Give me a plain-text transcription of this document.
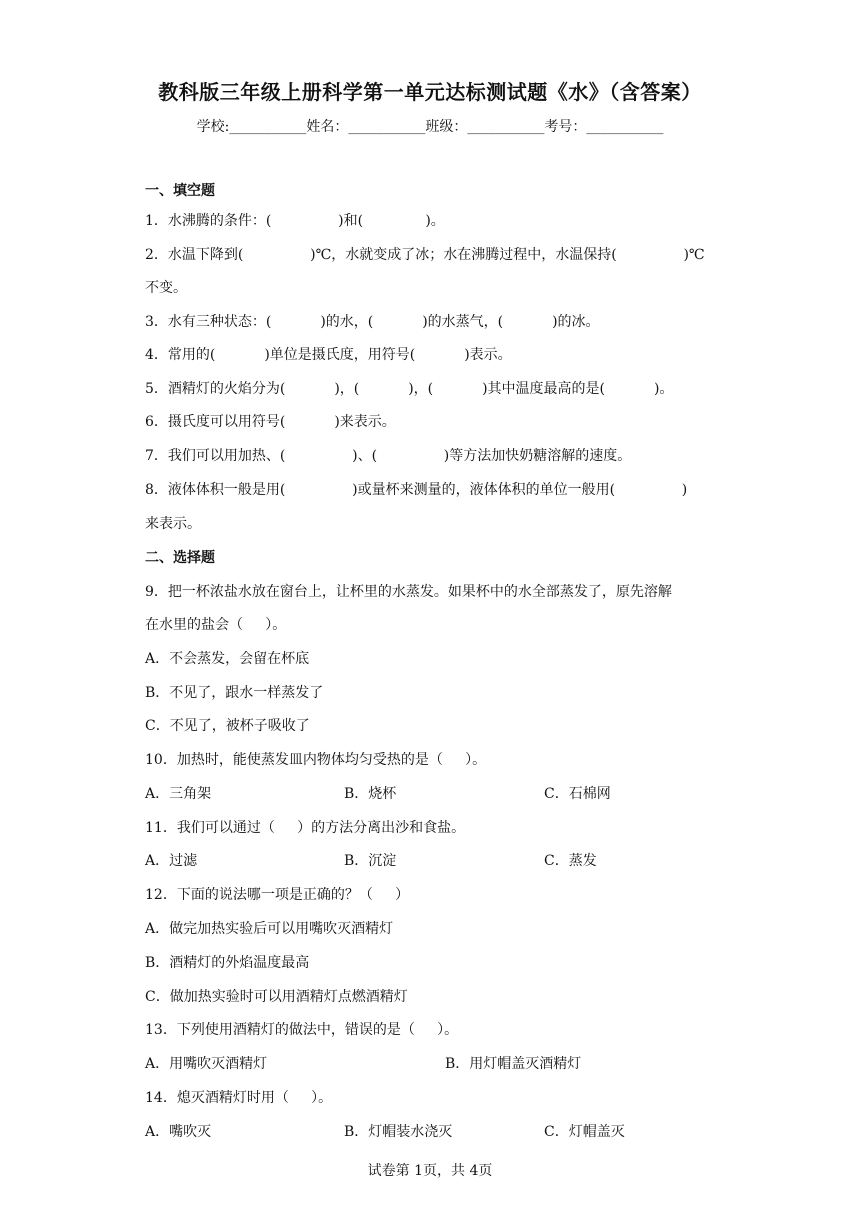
教科版三年级上册科学第一单元达标测试题《水》（含答案）
学校:___________姓名：___________班级：___________考号：___________
一、填空题
1．水沸腾的条件：(               )和(              )。
2．水温下降到(               )℃，水就变成了冰；水在沸腾过程中，水温保持(               )℃
不变。
3．水有三种状态：(           )的水，(           )的水蒸气，(           )的冰。
4．常用的(           )单位是摄氏度，用符号(           )表示。
5．酒精灯的火焰分为(           )，(           )，(           )其中温度最高的是(           )。
6．摄氏度可以用符号(           )来表示。
7．我们可以用加热、(               )、(               )等方法加快奶糖溶解的速度。
8．液体体积一般是用(               )或量杯来测量的，液体体积的单位一般用(               )
来表示。
二、选择题
9．把一杯浓盐水放在窗台上，让杯里的水蒸发。如果杯中的水全部蒸发了，原先溶解
在水里的盐会（     ）。
A．不会蒸发，会留在杯底
B．不见了，跟水一样蒸发了
C．不见了，被杯子吸收了
10．加热时，能使蒸发皿内物体均匀受热的是（     ）。
A．三角架	B．烧杯	C．石棉网
11．我们可以通过（     ）的方法分离出沙和食盐。
A．过滤	B．沉淀	C．蒸发
12．下面的说法哪一项是正确的？（     ）
A．做完加热实验后可以用嘴吹灭酒精灯
B．酒精灯的外焰温度最高
C．做加热实验时可以用酒精灯点燃酒精灯
13．下列使用酒精灯的做法中，错误的是（     ）。
A．用嘴吹灭酒精灯	B．用灯帽盖灭酒精灯
14．熄灭酒精灯时用（     ）。
A．嘴吹灭	B．灯帽装水浇灭	C．灯帽盖灭
试卷第 1页，共 4页
